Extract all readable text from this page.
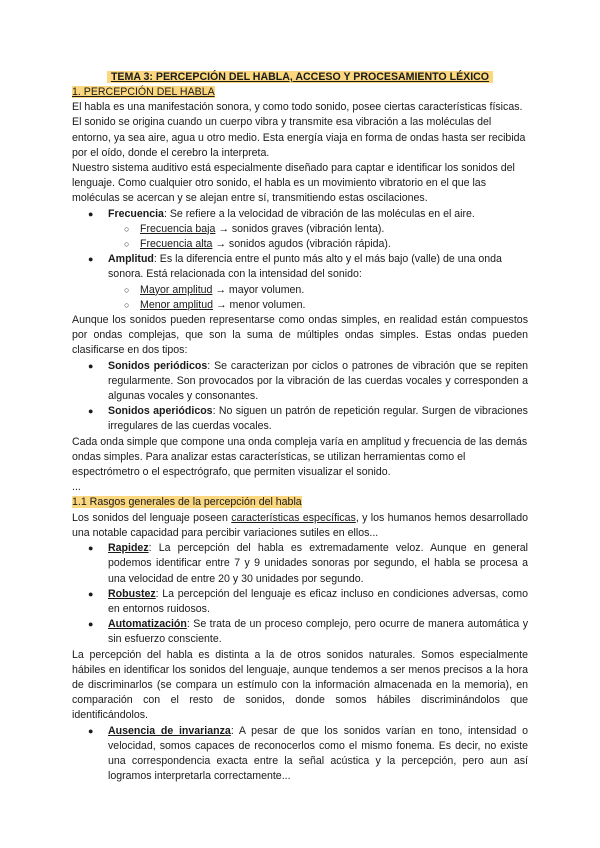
TEMA 3: PERCEPCIÓN DEL HABLA, ACCESO Y PROCESAMIENTO LÉXICO

1. PERCEPCIÓN DEL HABLA

El habla es una manifestación sonora, y como todo sonido, posee ciertas características físicas.

El sonido se origina cuando un cuerpo vibra y transmite esa vibración a las moléculas del entorno, ya sea aire, agua u otro medio. Esta energía viaja en forma de ondas hasta ser recibida por el oído, donde el cerebro la interpreta.

Nuestro sistema auditivo está especialmente diseñado para captar e identificar los sonidos del lenguaje. Como cualquier otro sonido, el habla es un movimiento vibratorio en el que las moléculas se acercan y se alejan entre sí, transmitiendo estas oscilaciones.

● Frecuencia: Se refiere a la velocidad de vibración de las moléculas en el aire.
○ Frecuencia baja → sonidos graves (vibración lenta).
○ Frecuencia alta → sonidos agudos (vibración rápida).
● Amplitud: Es la diferencia entre el punto más alto y el más bajo (valle) de una onda sonora. Está relacionada con la intensidad del sonido:
○ Mayor amplitud → mayor volumen.
○ Menor amplitud → menor volumen.

Aunque los sonidos pueden representarse como ondas simples, en realidad están compuestos por ondas complejas, que son la suma de múltiples ondas simples. Estas ondas pueden clasificarse en dos tipos:

● Sonidos periódicos: Se caracterizan por ciclos o patrones de vibración que se repiten regularmente. Son provocados por la vibración de las cuerdas vocales y corresponden a algunas vocales y consonantes.
● Sonidos aperiódicos: No siguen un patrón de repetición regular. Surgen de vibraciones irregulares de las cuerdas vocales.

Cada onda simple que compone una onda compleja varía en amplitud y frecuencia de las demás ondas simples. Para analizar estas características, se utilizan herramientas como el espectrómetro o el espectrógrafo, que permiten visualizar el sonido.

...

1.1 Rasgos generales de la percepción del habla

Los sonidos del lenguaje poseen características específicas, y los humanos hemos desarrollado una notable capacidad para percibir variaciones sutiles en ellos...

● Rapidez: La percepción del habla es extremadamente veloz. Aunque en general podemos identificar entre 7 y 9 unidades sonoras por segundo, el habla se procesa a una velocidad de entre 20 y 30 unidades por segundo.
● Robustez: La percepción del lenguaje es eficaz incluso en condiciones adversas, como en entornos ruidosos.
● Automatización: Se trata de un proceso complejo, pero ocurre de manera automática y sin esfuerzo consciente.

La percepción del habla es distinta a la de otros sonidos naturales. Somos especialmente hábiles en identificar los sonidos del lenguaje, aunque tendemos a ser menos precisos a la hora de discriminarlos (se compara un estímulo con la información almacenada en la memoria), en comparación con el resto de sonidos, donde somos hábiles discriminándolos que identificándolos.

● Ausencia de invarianza: A pesar de que los sonidos varían en tono, intensidad o velocidad, somos capaces de reconocerlos como el mismo fonema. Es decir, no existe una correspondencia exacta entre la señal acústica y la percepción, pero aun así logramos interpretarla correctamente...
